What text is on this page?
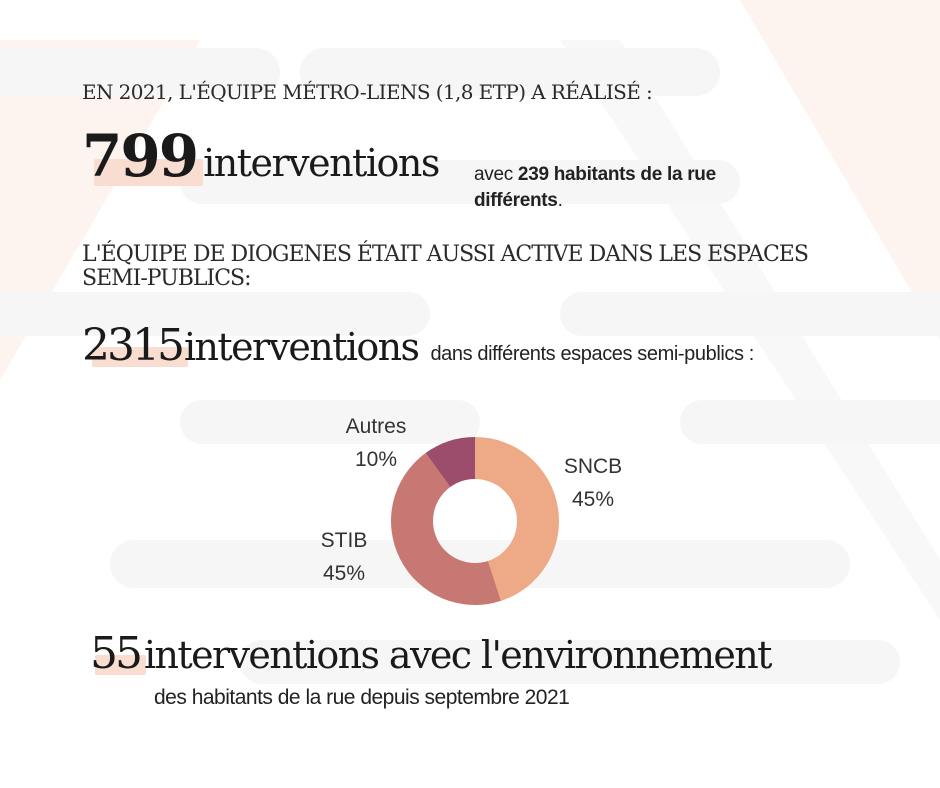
EN 2021, L'ÉQUIPE MÉTRO-LIENS (1,8 ETP) A RÉALISÉ :
799 interventions avec 239 habitants de la rue différents.
L'ÉQUIPE DE DIOGENES ÉTAIT AUSSI ACTIVE DANS LES ESPACES SEMI-PUBLICS:
2315interventions dans différents espaces semi-publics :
Autres
10%	SNCB
45%
STIB
45%
55 interventions avec l'environnement
des habitants de la rue depuis septembre 2021
